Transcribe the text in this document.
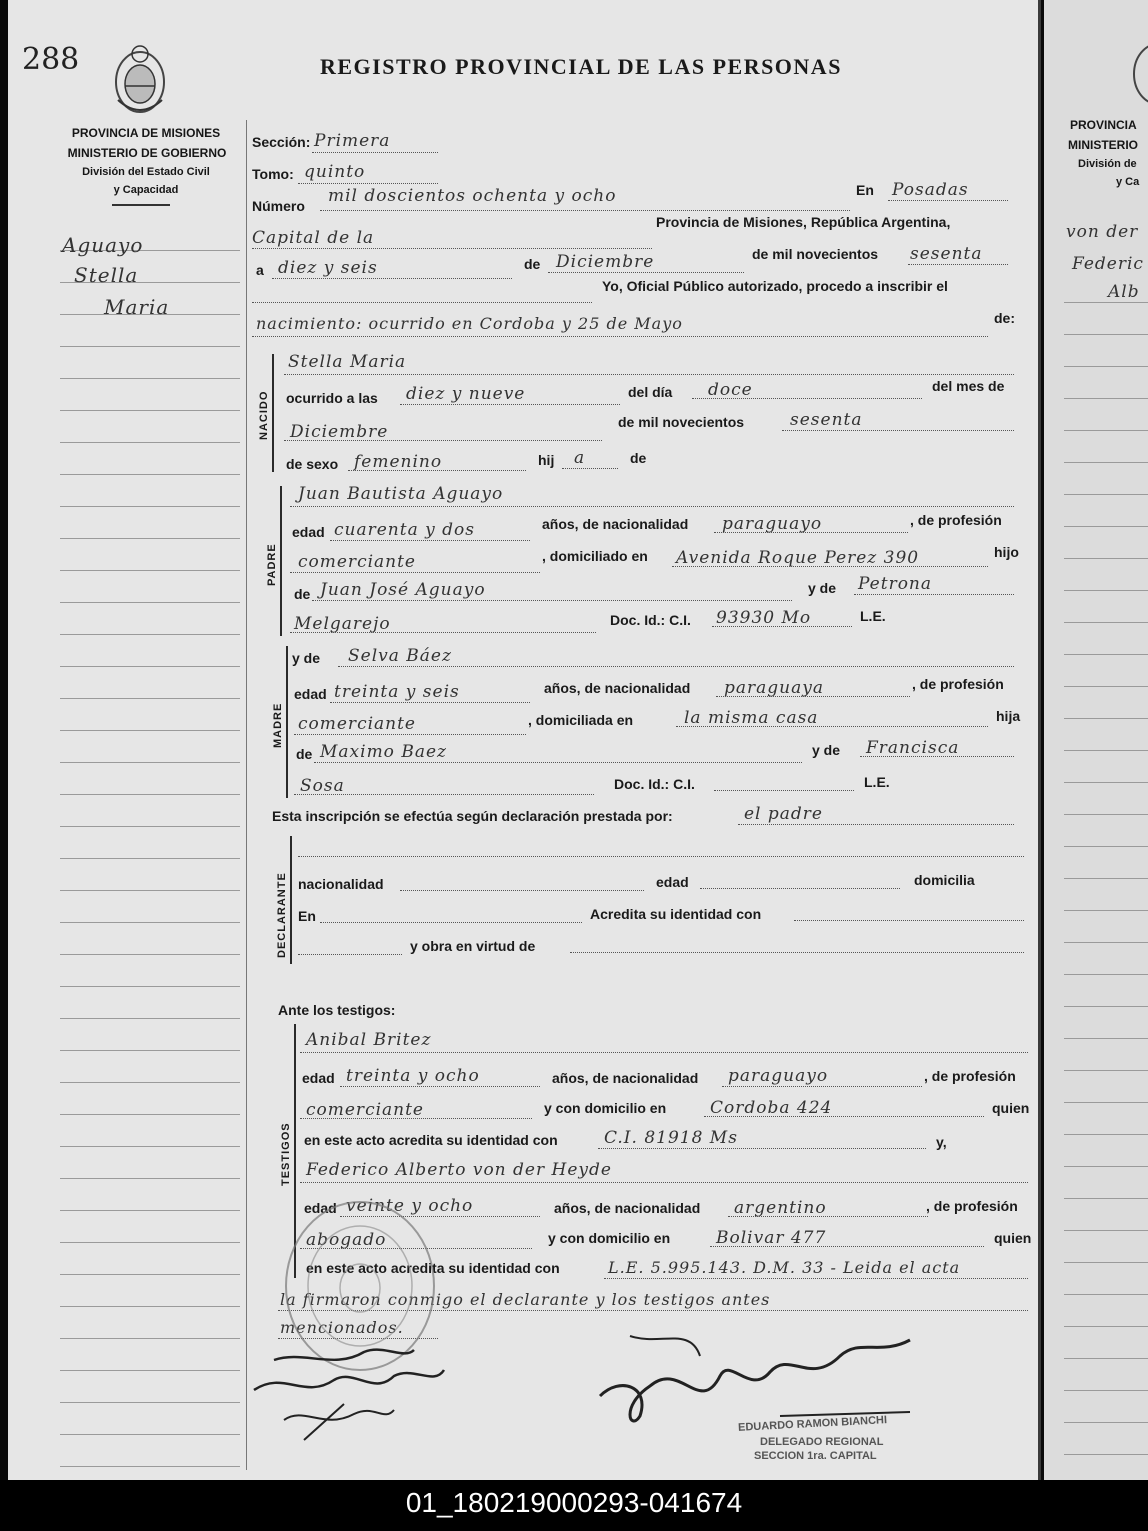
288	REGISTRO PROVINCIAL DE LAS PERSONAS
PROVINCIA DE MISIONES
MINISTERIO DE GOBIERNO
División del Estado Civil
y Capacidad
Aguayo
Stella
Maria
Sección: Primera
Tomo: quinto
Número mil doscientos ochenta y ocho	En Posadas
Capital de la
Provincia de Misiones, República Argentina,
a diez y seis	de Diciembre	de mil novecientos sesenta
Yo, Oficial Público autorizado, procedo a inscribir el
nacimiento: ocurrido en Cordoba y 25 de Mayo	de:
NACIDO
Stella Maria
ocurrido a las diez y nueve	del día doce	del mes de
Diciembre	de mil novecientos	sesenta
de sexo femenino	hij a	de
PADRE
Juan Bautista Aguayo
edad cuarenta y dos	años, de nacionalidad paraguayo	, de profesión
comerciante	, domiciliado en Avenida Roque Perez 390	hijo
de Juan José Aguayo	y de Petrona
Melgarejo	Doc. Id.: C.I. 93930 Mo	L.E.
MADRE
y de Selva Báez
edad treinta y seis	años, de nacionalidad paraguaya	, de profesión
comerciante	, domiciliada en	la misma casa	hija
de Maximo Baez	y de Francisca
Sosa	Doc. Id.: C.I.	L.E.
Esta inscripción se efectúa según declaración prestada por:	el padre
DECLARANTE nacionalidad	edad	domicilia
En	Acredita su identidad con
y obra en virtud de
Ante los testigos:
TESTIGOS
Anibal Britez
edad treinta y ocho	años, de nacionalidad paraguayo	, de profesión
comerciante	y con domicilio en	Cordoba 424	quien
en este acto acredita su identidad con	C.I. 81918 Ms	y,
Federico Alberto von der Heyde
edad veinte y ocho	años, de nacionalidad argentino	, de profesión
abogado	y con domicilio en	Bolivar 477	quien
en este acto acredita su identidad con	L.E. 5.995.143. D.M. 33 - Leida el acta
la firmaron conmigo el declarante y los testigos antes
mencionados.
EDUARDO RAMON BIANCHI
DELEGADO REGIONAL
SECCION 1ra. CAPITAL
PROVINCIA
MINISTERIO
División de
y Ca
von der
Federic
Alb
01_180219000293-041674
